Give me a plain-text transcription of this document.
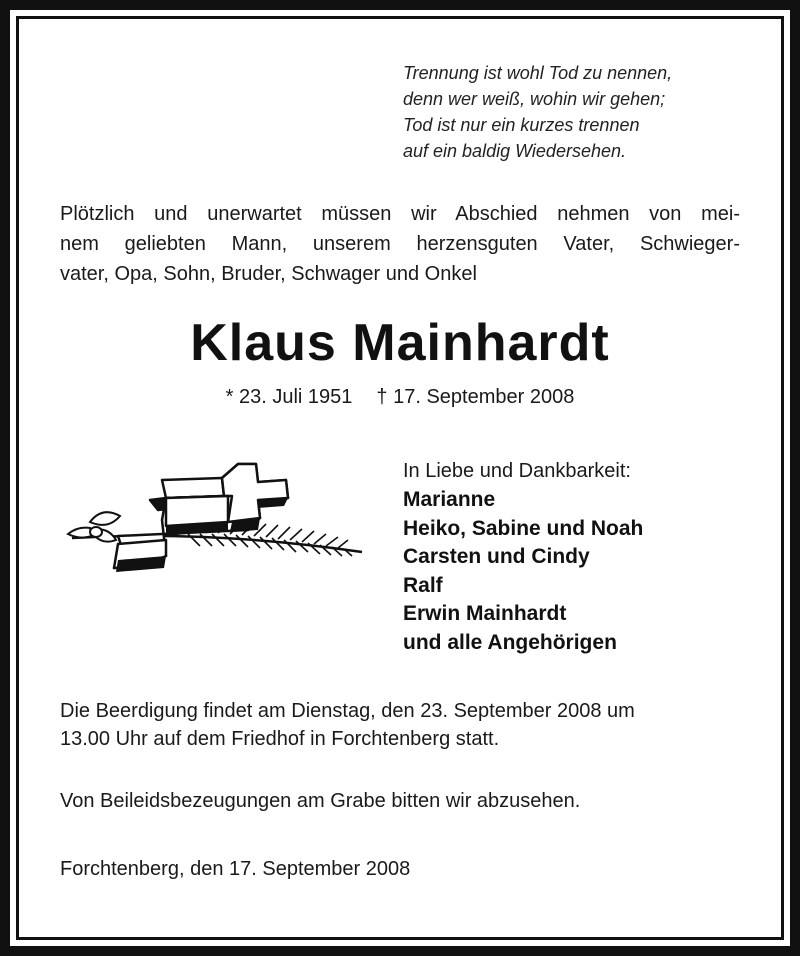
Trennung ist wohl Tod zu nennen,
denn wer weiß, wohin wir gehen;
Tod ist nur ein kurzes trennen
auf ein baldig Wiedersehen.
Plötzlich und unerwartet müssen wir Abschied nehmen von mei-
nem geliebten Mann, unserem herzensguten Vater, Schwieger-
vater, Opa, Sohn, Bruder, Schwager und Onkel
Klaus Mainhardt
* 23. Juli 1951 † 17. September 2008
In Liebe und Dankbarkeit:
Marianne
Heiko, Sabine und Noah
Carsten und Cindy
Ralf
Erwin Mainhardt
und alle Angehörigen
Die Beerdigung findet am Dienstag, den 23. September 2008 um
13.00 Uhr auf dem Friedhof in Forchtenberg statt.
Von Beileidsbezeugungen am Grabe bitten wir abzusehen.
Forchtenberg, den 17. September 2008
